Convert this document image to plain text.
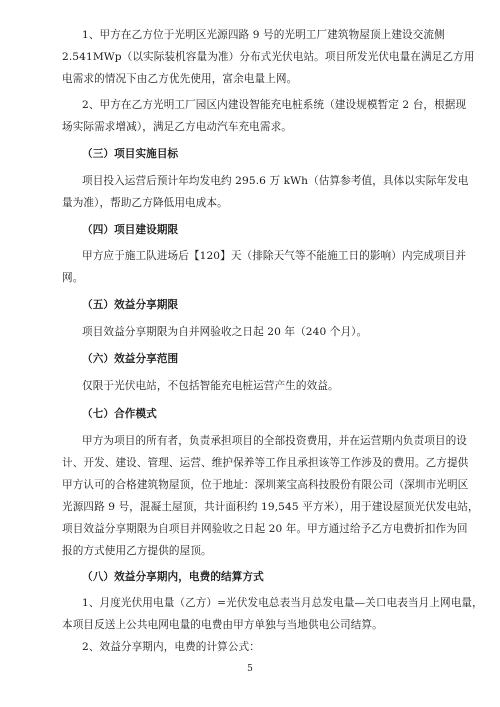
1、甲方在乙方位于光明区光源四路 9 号的光明工厂建筑物屋顶上建设交流侧
2.541MWp（以实际装机容量为准）分布式光伏电站。项目所发光伏电量在满足乙方用
电需求的情况下由乙方优先使用，富余电量上网。
2、甲方在乙方光明工厂园区内建设智能充电桩系统（建设规模暂定 2 台，根据现
场实际需求增减），满足乙方电动汽车充电需求。
（三）项目实施目标
项目投入运营后预计年均发电约 295.6 万 kWh（估算参考值，具体以实际年发电
量为准），帮助乙方降低用电成本。
（四）项目建设期限
甲方应于施工队进场后【120】天（排除天气等不能施工日的影响）内完成项目并
网。
（五）效益分享期限
项目效益分享期限为自并网验收之日起 20 年（240 个月）。
（六）效益分享范围
仅限于光伏电站，不包括智能充电桩运营产生的效益。
（七）合作模式
甲方为项目的所有者，负责承担项目的全部投资费用，并在运营期内负责项目的设
计、开发、建设、管理、运营、维护保养等工作且承担该等工作涉及的费用。乙方提供
甲方认可的合格建筑物屋顶，位于地址：深圳莱宝高科技股份有限公司（深圳市光明区
光源四路 9 号，混凝土屋顶，共计面积约 19,545 平方米），用于建设屋顶光伏发电站，
项目效益分享期限为自项目并网验收之日起 20 年。甲方通过给予乙方电费折扣作为回
报的方式使用乙方提供的屋顶。
（八）效益分享期内，电费的结算方式
1、月度光伏用电量（乙方）=光伏发电总表当月总发电量—关口电表当月上网电量，
本项目反送上公共电网电量的电费由甲方单独与当地供电公司结算。
2、效益分享期内，电费的计算公式：
5
